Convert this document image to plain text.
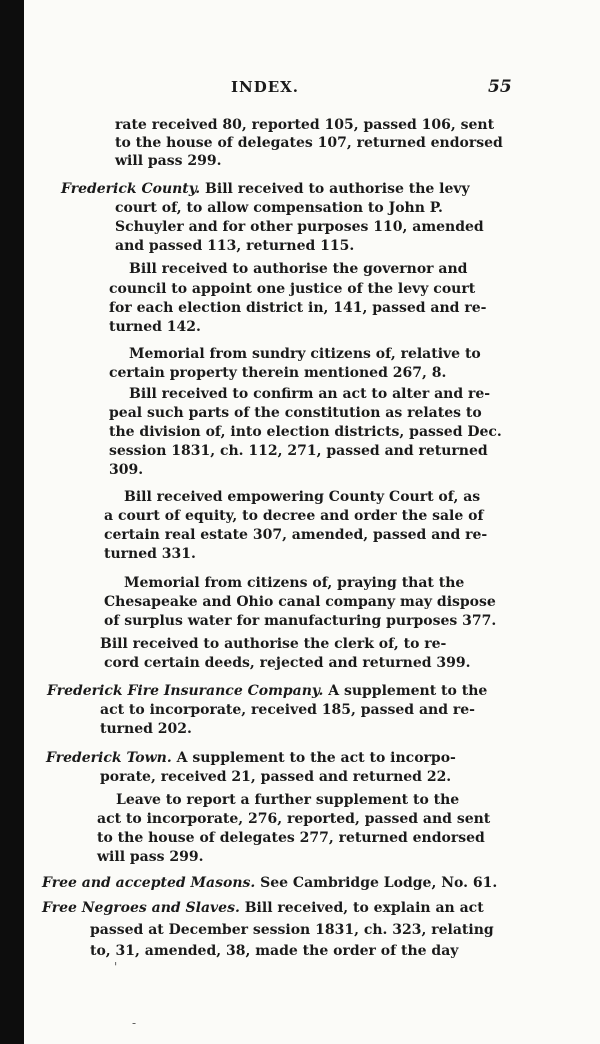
INDEX.	55
rate received 80, reported 105, passed 106, sent
to the house of delegates 107, returned endorsed
will pass 299.
Frederick County. Bill received to authorise the levy
court of, to allow compensation to John P.
Schuyler and for other purposes 110, amended
and passed 113, returned 115.
Bill received to authorise the governor and
council to appoint one justice of the levy court
for each election district in, 141, passed and re-
turned 142.
Memorial from sundry citizens of, relative to
certain property therein mentioned 267, 8.
Bill received to confirm an act to alter and re-
peal such parts of the constitution as relates to
the division of, into election districts, passed Dec.
session 1831, ch. 112, 271, passed and returned
309.
Bill received empowering County Court of, as
a court of equity, to decree and order the sale of
certain real estate 307, amended, passed and re-
turned 331.
Memorial from citizens of, praying that the
Chesapeake and Ohio canal company may dispose
of surplus water for manufacturing purposes 377.
Bill received to authorise the clerk of, to re-
cord certain deeds, rejected and returned 399.
Frederick Fire Insurance Company. A supplement to the
act to incorporate, received 185, passed and re-
turned 202.
Frederick Town. A supplement to the act to incorpo-
porate, received 21, passed and returned 22.
Leave to report a further supplement to the
act to incorporate, 276, reported, passed and sent
to the house of delegates 277, returned endorsed
will pass 299.
Free and accepted Masons. See Cambridge Lodge, No. 61.
Free Negroes and Slaves. Bill received, to explain an act
passed at December session 1831, ch. 323, relating
to, 31, amended, 38, made the order of the day
'
-
